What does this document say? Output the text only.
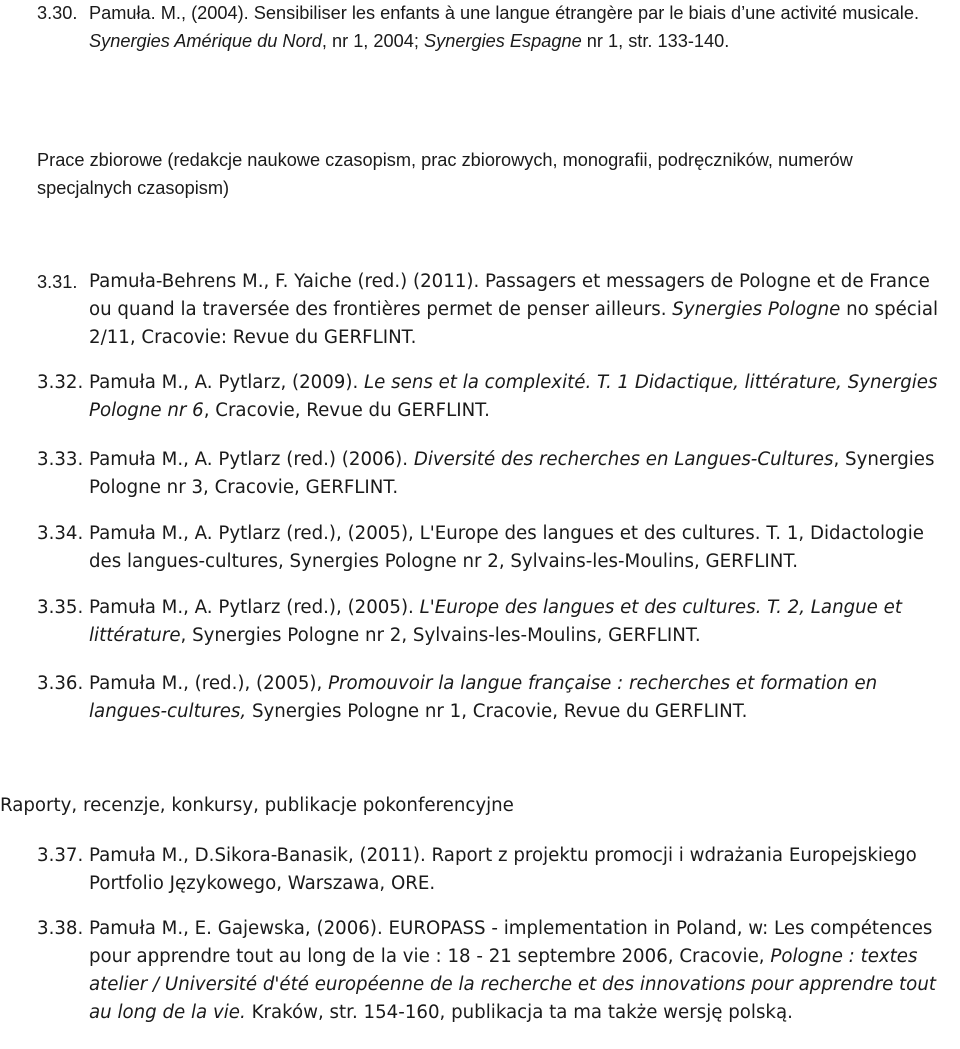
3.30. Pamuła. M., (2004). Sensibiliser les enfants à une langue étrangère par le biais d’une activité musicale. Synergies Amérique du Nord, nr 1, 2004; Synergies Espagne nr 1, str. 133-140.
Prace zbiorowe (redakcje naukowe czasopism, prac zbiorowych, monografii, podręczników, numerów specjalnych czasopism)
3.31. Pamuła-Behrens M., F. Yaiche (red.) (2011). Passagers et messagers de Pologne et de France ou quand la traversée des frontières permet de penser ailleurs. Synergies Pologne no spécial 2/11, Cracovie: Revue du GERFLINT.
3.32. Pamuła M., A. Pytlarz, (2009). Le sens et la complexité. T. 1 Didactique, littérature, Synergies Pologne nr 6, Cracovie, Revue du GERFLINT.
3.33. Pamuła M., A. Pytlarz (red.) (2006). Diversité des recherches en Langues-Cultures, Synergies Pologne nr 3, Cracovie, GERFLINT.
3.34. Pamuła M., A. Pytlarz (red.), (2005), L'Europe des langues et des cultures. T. 1, Didactologie des langues-cultures, Synergies Pologne nr 2, Sylvains-les-Moulins, GERFLINT.
3.35. Pamuła M., A. Pytlarz (red.), (2005). L'Europe des langues et des cultures. T. 2, Langue et littérature, Synergies Pologne nr 2, Sylvains-les-Moulins, GERFLINT.
3.36. Pamuła M., (red.), (2005), Promouvoir la langue française : recherches et formation en langues-cultures, Synergies Pologne nr 1, Cracovie, Revue du GERFLINT.
Raporty, recenzje, konkursy, publikacje pokonferencyjne
3.37. Pamuła M., D.Sikora-Banasik, (2011). Raport z projektu promocji i wdrażania Europejskiego Portfolio Językowego, Warszawa, ORE.
3.38. Pamuła M., E. Gajewska, (2006). EUROPASS - implementation in Poland, w: Les compétences pour apprendre tout au long de la vie : 18 - 21 septembre 2006, Cracovie, Pologne : textes atelier / Université d'été européenne de la recherche et des innovations pour apprendre tout au long de la vie. Kraków, str. 154-160, publikacja ta ma także wersję polską.
